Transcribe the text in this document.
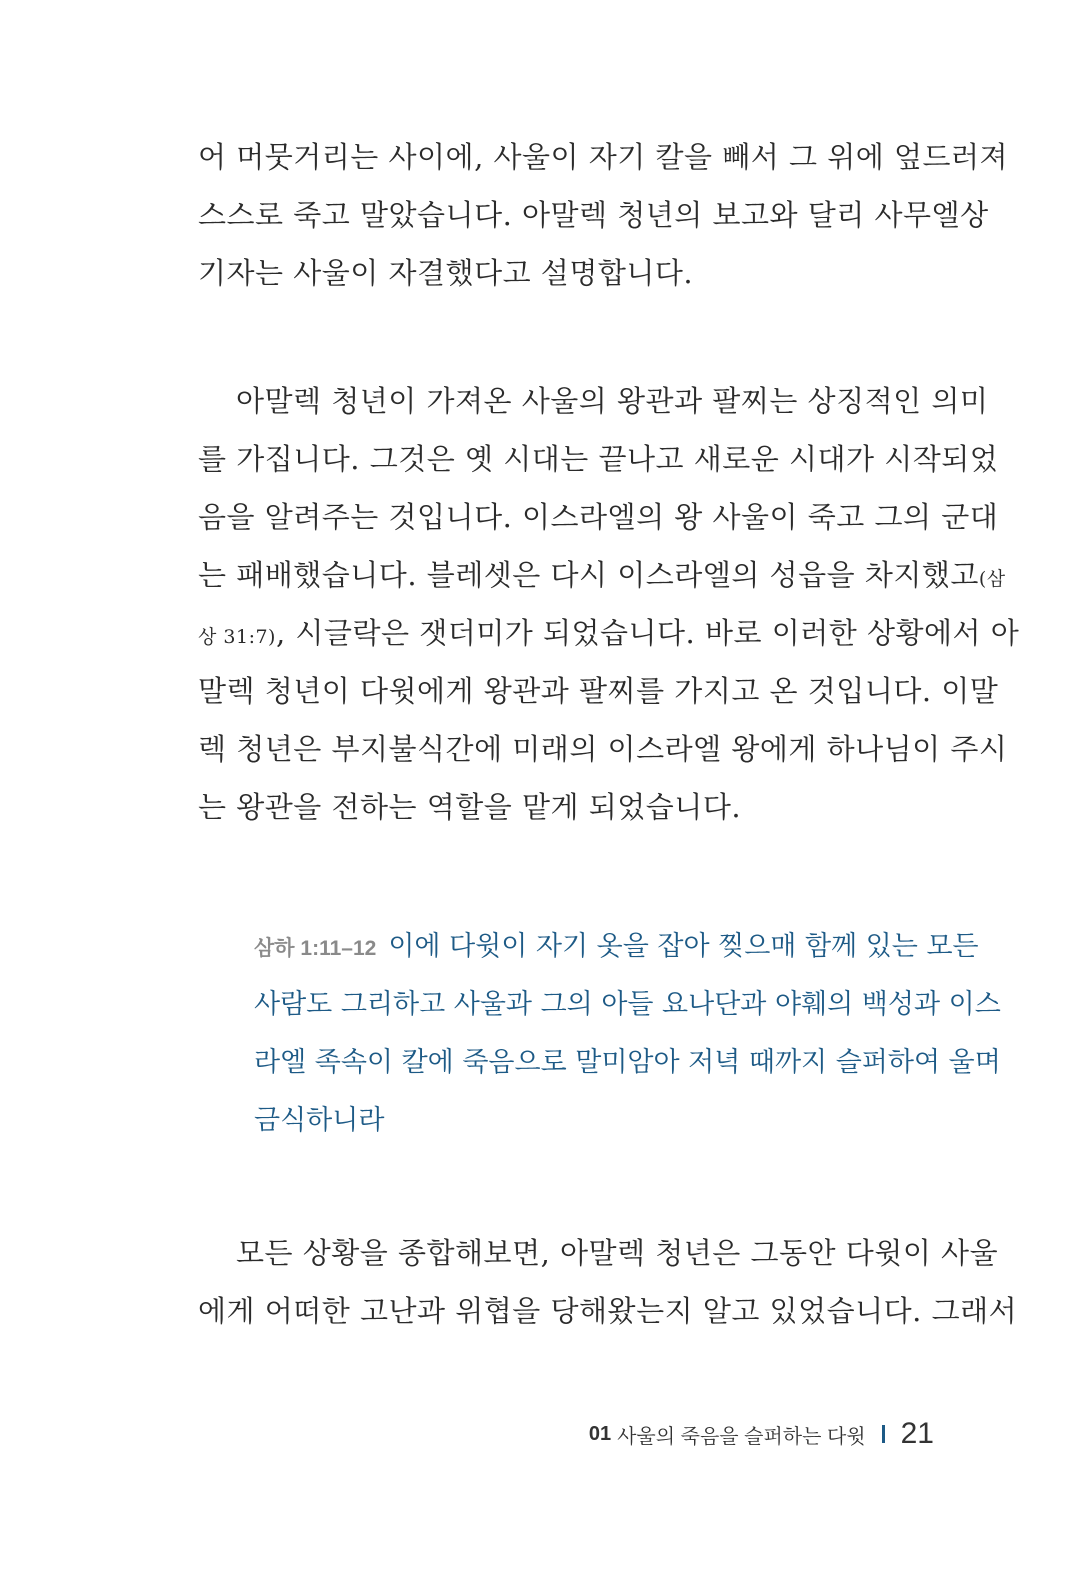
어 머뭇거리는 사이에, 사울이 자기 칼을 빼서 그 위에 엎드러져
스스로 죽고 말았습니다. 아말렉 청년의 보고와 달리 사무엘상
기자는 사울이 자결했다고 설명합니다.
아말렉 청년이 가져온 사울의 왕관과 팔찌는 상징적인 의미
를 가집니다. 그것은 옛 시대는 끝나고 새로운 시대가 시작되었
음을 알려주는 것입니다. 이스라엘의 왕 사울이 죽고 그의 군대
는 패배했습니다. 블레셋은 다시 이스라엘의 성읍을 차지했고(삼
상 31:7), 시글락은 잿더미가 되었습니다. 바로 이러한 상황에서 아
말렉 청년이 다윗에게 왕관과 팔찌를 가지고 온 것입니다. 이말
렉 청년은 부지불식간에 미래의 이스라엘 왕에게 하나님이 주시
는 왕관을 전하는 역할을 맡게 되었습니다.
삼하 1:11–12 이에 다윗이 자기 옷을 잡아 찢으매 함께 있는 모든
사람도 그리하고 사울과 그의 아들 요나단과 야훼의 백성과 이스
라엘 족속이 칼에 죽음으로 말미암아 저녁 때까지 슬퍼하여 울며
금식하니라
모든 상황을 종합해보면, 아말렉 청년은 그동안 다윗이 사울
에게 어떠한 고난과 위협을 당해왔는지 알고 있었습니다. 그래서
01 사울의 죽음을 슬퍼하는 다윗 21
